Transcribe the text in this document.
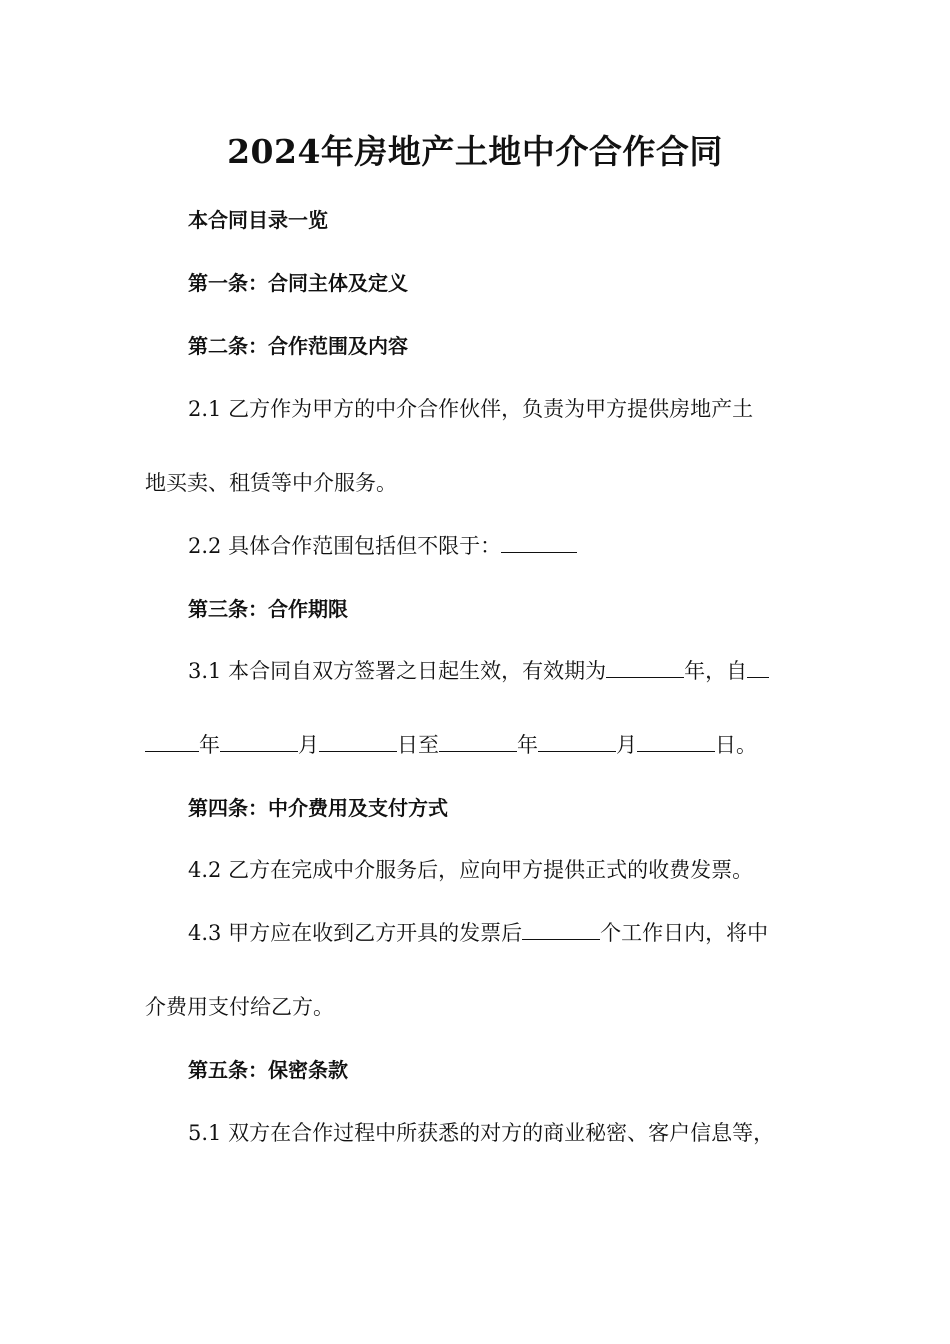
2024年房地产土地中介合作合同

本合同目录一览

第一条：合同主体及定义

第二条：合作范围及内容

2.1 乙方作为甲方的中介合作伙伴，负责为甲方提供房地产土

地买卖、租赁等中介服务。

2.2 具体合作范围包括但不限于：

第三条：合作期限

3.1 本合同自双方签署之日起生效，有效期为	年，自

年	月	日至	年	月	日。

第四条：中介费用及支付方式

4.2 乙方在完成中介服务后，应向甲方提供正式的收费发票。

4.3 甲方应在收到乙方开具的发票后	个工作日内，将中

介费用支付给乙方。

第五条：保密条款

5.1 双方在合作过程中所获悉的对方的商业秘密、客户信息等，
